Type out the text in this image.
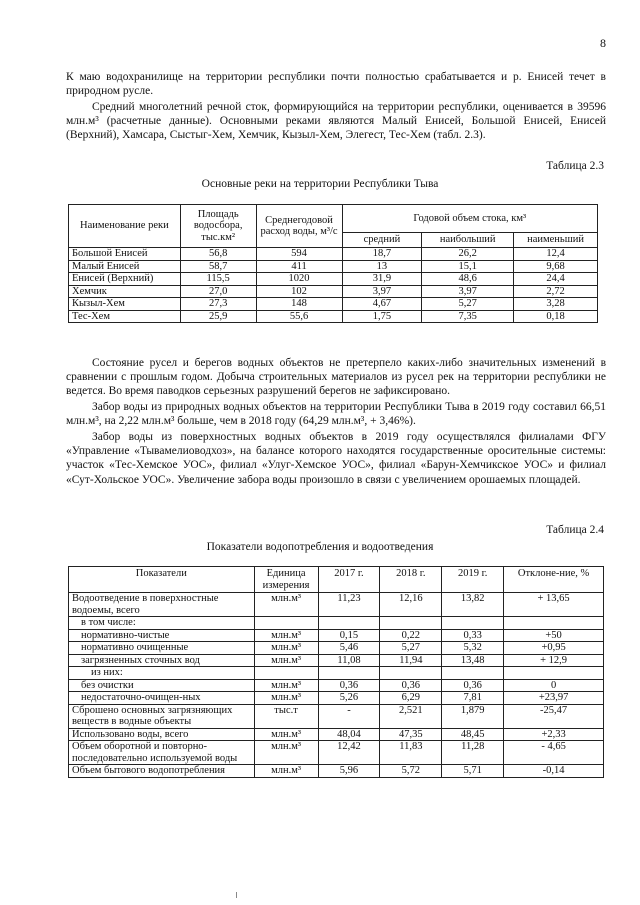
8

К маю водохранилище на территории республики почти полностью срабатывается и р. Енисей течет в природном русле.

Средний многолетний речной сток, формирующийся на территории республики, оценивается в 39596 млн.м³ (расчетные данные). Основными реками являются Малый Енисей, Большой Енисей, Енисей (Верхний), Хамсара, Сыстыг-Хем, Хемчик, Кызыл-Хем, Элегест, Тес-Хем (табл. 2.3).

Таблица 2.3
Основные реки на территории Республики Тыва
Наименование реки	Площадь водосбора, тыс.км²	Среднегодовой расход воды, м³/с	Годовой объем стока, км³		
			средний	наибольший	наименьший
Большой Енисей	56,8	594	18,7	26,2	12,4
Малый Енисей	58,7	411	13	15,1	9,68
Енисей (Верхний)	115,5	1020	31,9	48,6	24,4
Хемчик	27,0	102	3,97	3,97	2,72
Кызыл-Хем	27,3	148	4,67	5,27	3,28
Тес-Хем	25,9	55,6	1,75	7,35	0,18

Состояние русел и берегов водных объектов не претерпело каких-либо значительных изменений в сравнении с прошлым годом. Добыча строительных материалов из русел рек на территории республики не ведется. Во время паводков серьезных разрушений берегов не зафиксировано.

Забор воды из природных водных объектов на территории Республики Тыва в 2019 году составил 66,51 млн.м³, на 2,22 млн.м³ больше, чем в 2018 году (64,29 млн.м³, + 3,46%).

Забор воды из поверхностных водных объектов в 2019 году осуществлялся филиалами ФГУ «Управление «Тывамелиоводхоз», на балансе которого находятся государственные оросительные системы: участок «Тес-Хемское УОС», филиал «Улуг-Хемское УОС», филиал «Барун-Хемчикское УОС» и филиал «Сут-Хольское УОС». Увеличение забора воды произошло в связи с увеличением орошаемых площадей.

Таблица 2.4
Показатели водопотребления и водоотведения
Показатели	Единица измерения	2017 г.	2018 г.	2019 г.	Отклоне-ние, %
Водоотведение в поверхностные водоемы, всего	млн.м³	11,23	12,16	13,82	+ 13,65
в том числе:					
нормативно-чистые	млн.м³	0,15	0,22	0,33	+50
нормативно очищенные	млн.м³	5,46	5,27	5,32	+0,95
загрязненных сточных вод	млн.м³	11,08	11,94	13,48	+ 12,9
из них:					
без очистки	млн.м³	0,36	0,36	0,36	0
недостаточно-очищен-ных	млн.м³	5,26	6,29	7,81	+23,97
Сброшено основных загрязняющих веществ в водные объекты	тыс.т	-	2,521	1,879	-25,47
Использовано воды, всего	млн.м³	48,04	47,35	48,45	+2,33
Объем оборотной и повторно-последовательно используемой воды	млн.м³	12,42	11,83	11,28	- 4,65
Объем бытового водопотребления	млн.м³	5,96	5,72	5,71	-0,14
